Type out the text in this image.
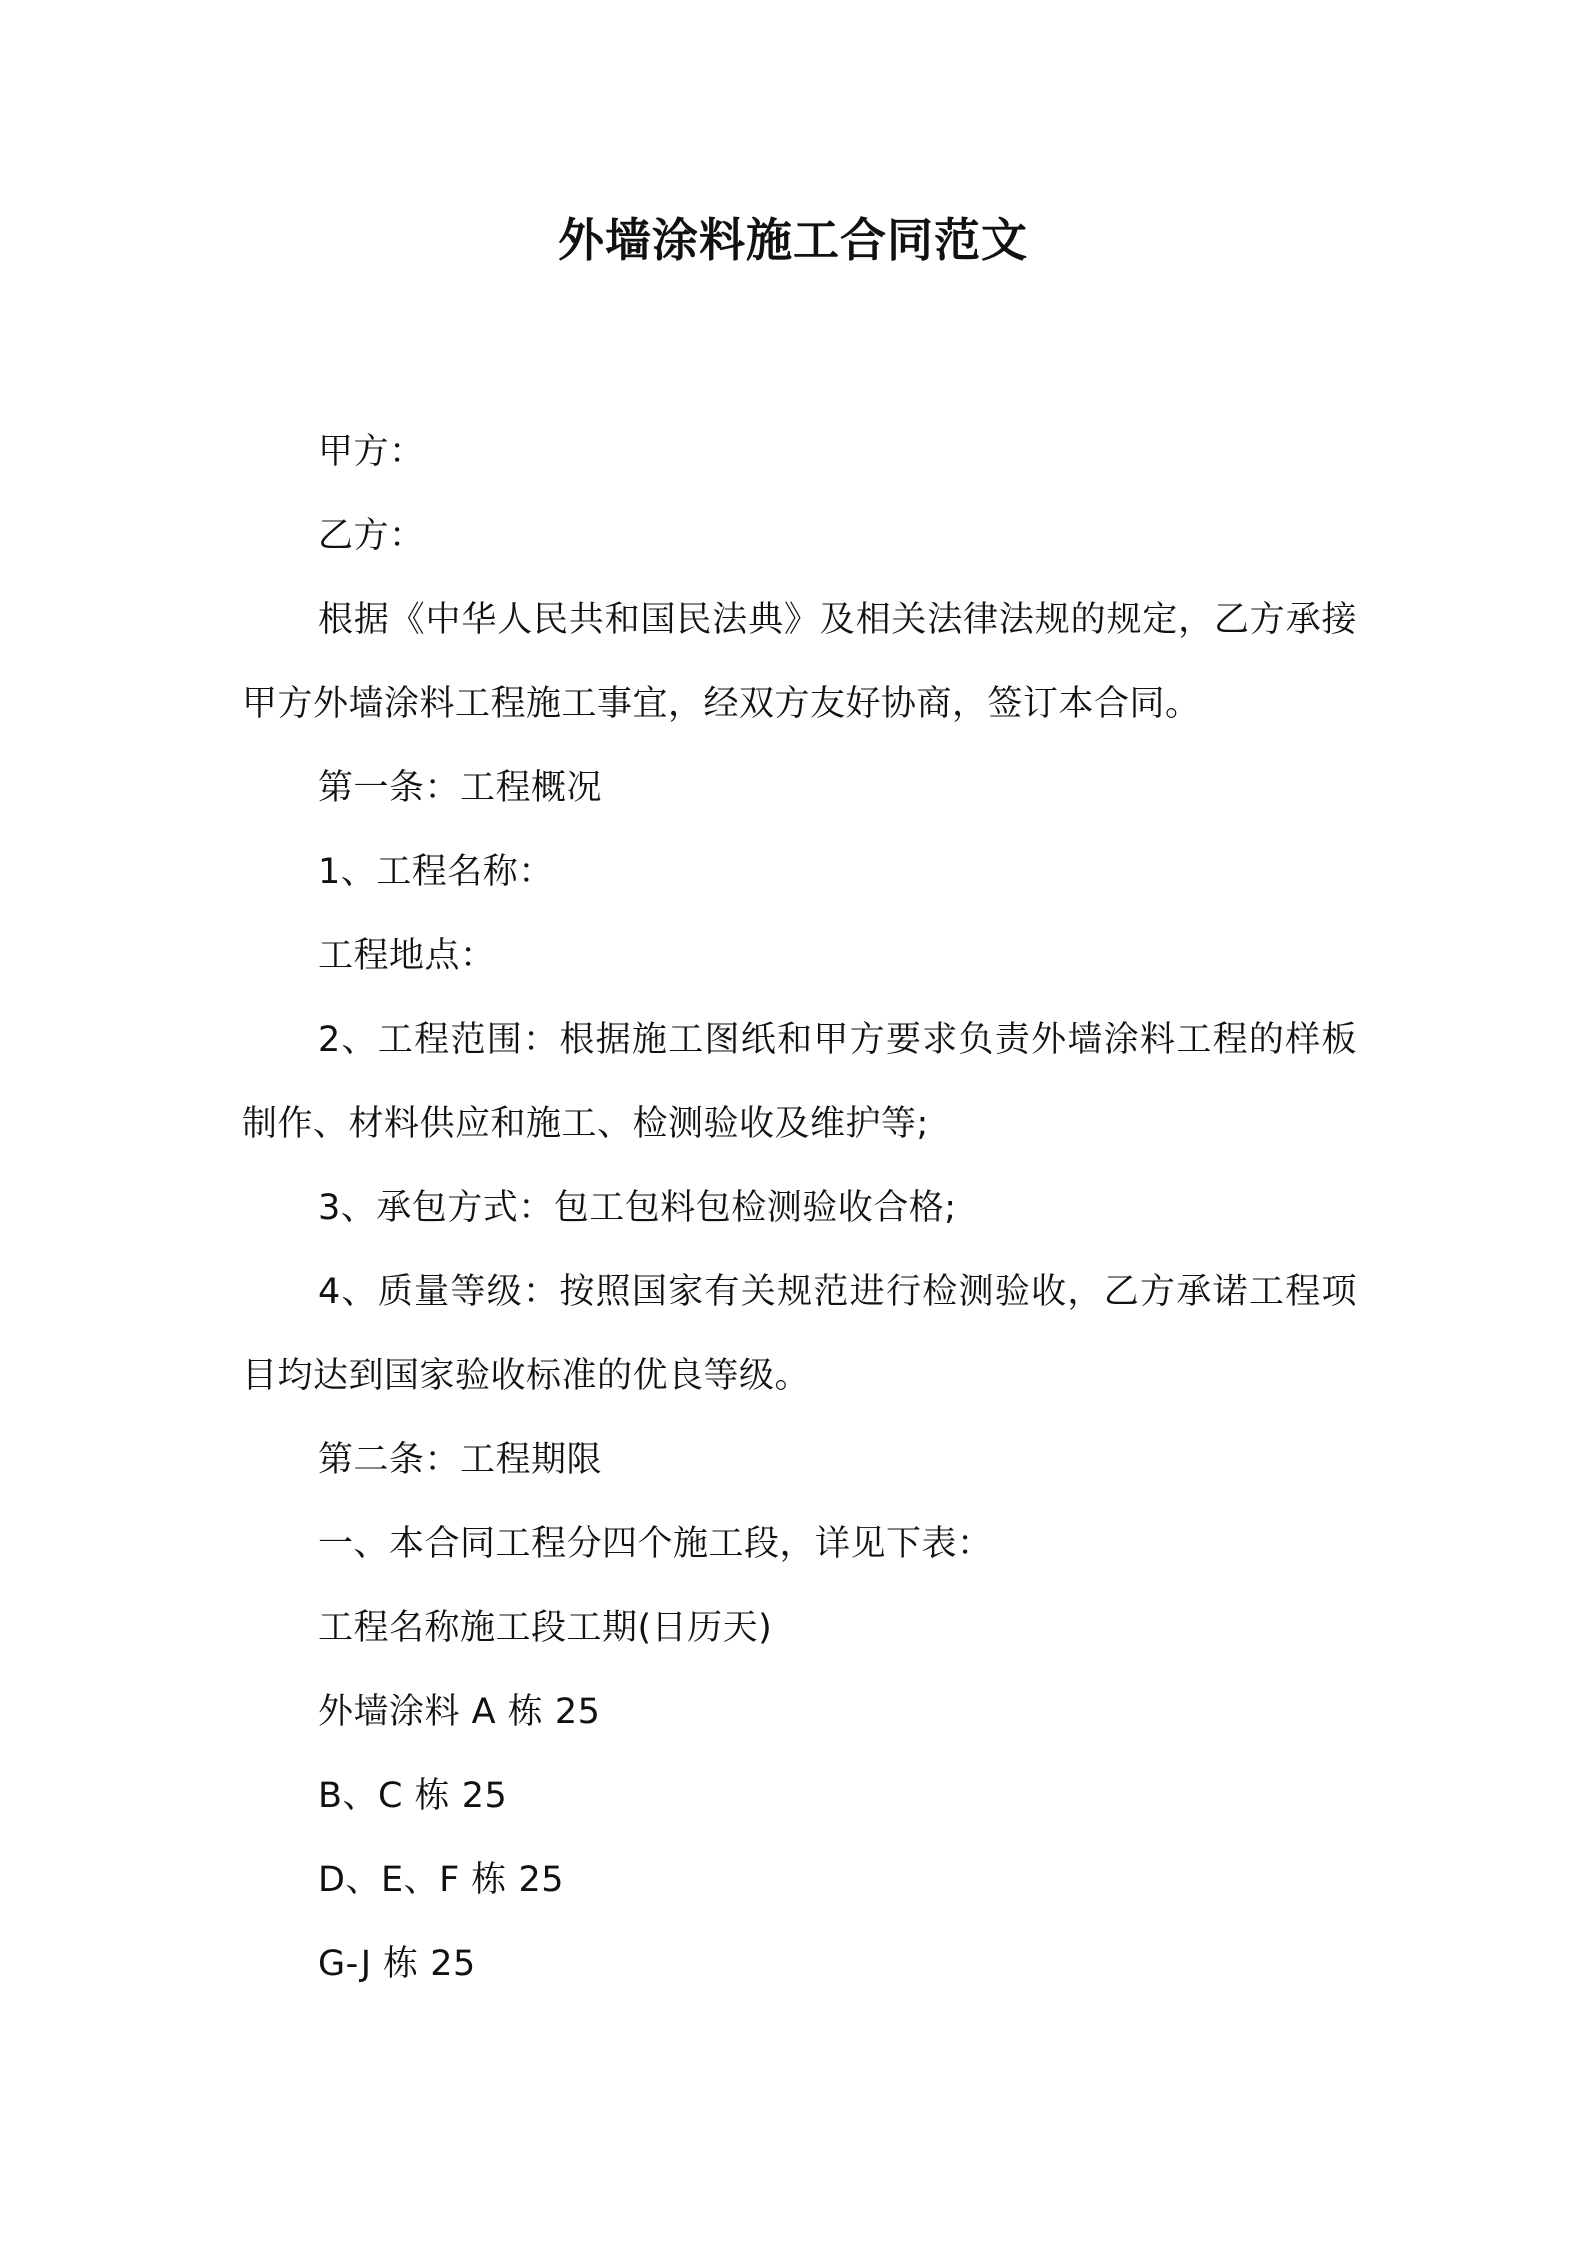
外墙涂料施工合同范文

甲方：

乙方：

根据《中华人民共和国民法典》及相关法律法规的规定，乙方承接甲方外墙涂料工程施工事宜，经双方友好协商，签订本合同。

第一条：工程概况

1、工程名称：

工程地点：

2、工程范围：根据施工图纸和甲方要求负责外墙涂料工程的样板制作、材料供应和施工、检测验收及维护等;

3、承包方式：包工包料包检测验收合格;

4、质量等级：按照国家有关规范进行检测验收，乙方承诺工程项目均达到国家验收标准的优良等级。

第二条：工程期限

一、本合同工程分四个施工段，详见下表：

工程名称施工段工期(日历天)

外墙涂料 A 栋 25

B、C 栋 25

D、E、F 栋 25

G-J 栋 25
